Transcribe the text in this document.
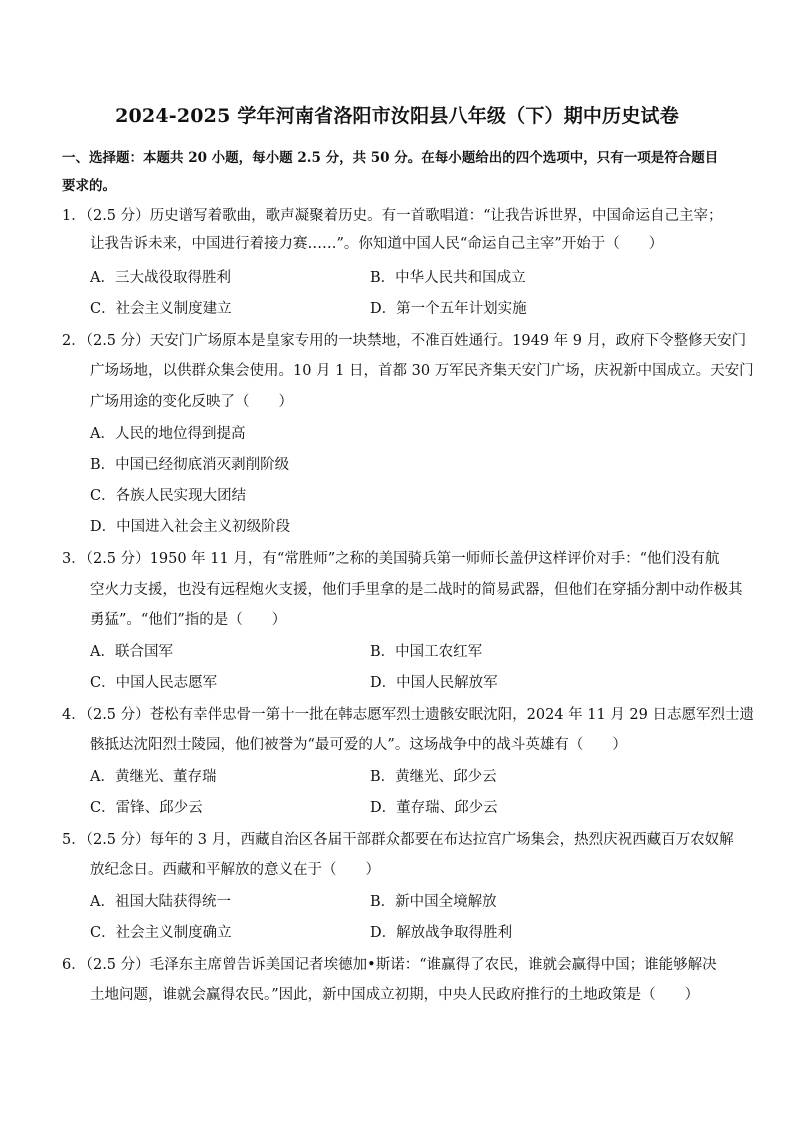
2024-2025 学年河南省洛阳市汝阳县八年级（下）期中历史试卷
一、选择题：本题共 20 小题，每小题 2.5 分，共 50 分。在每小题给出的四个选项中，只有一项是符合题目要求的。
1．（2.5 分）历史谱写着歌曲，歌声凝聚着历史。有一首歌唱道：“让我告诉世界，中国命运自己主宰；
让我告诉未来，中国进行着接力赛……”。你知道中国人民“命运自己主宰”开始于（　　）
A．三大战役取得胜利	B．中华人民共和国成立
C．社会主义制度建立	D．第一个五年计划实施
2．（2.5 分）天安门广场原本是皇家专用的一块禁地，不准百姓通行。1949 年 9 月，政府下令整修天安门
广场场地，以供群众集会使用。10 月 1 日，首都 30 万军民齐集天安门广场，庆祝新中国成立。天安门
广场用途的变化反映了（　　）
A．人民的地位得到提高
B．中国已经彻底消灭剥削阶级
C．各族人民实现大团结
D．中国进入社会主义初级阶段
3．（2.5 分）1950 年 11 月，有“常胜师”之称的美国骑兵第一师师长盖伊这样评价对手：“他们没有航
空火力支援，也没有远程炮火支援，他们手里拿的是二战时的简易武器，但他们在穿插分割中动作极其
勇猛”。“他们”指的是（　　）
A．联合国军	B．中国工农红军
C．中国人民志愿军	D．中国人民解放军
4．（2.5 分）苍松有幸伴忠骨一第十一批在韩志愿军烈士遗骸安眠沈阳，2024 年 11 月 29 日志愿军烈士遗
骸抵达沈阳烈士陵园，他们被誉为“最可爱的人”。这场战争中的战斗英雄有（　　）
A．黄继光、董存瑞	B．黄继光、邱少云
C．雷锋、邱少云	D．董存瑞、邱少云
5．（2.5 分）每年的 3 月，西藏自治区各届干部群众都要在布达拉宫广场集会，热烈庆祝西藏百万农奴解
放纪念日。西藏和平解放的意义在于（　　）
A．祖国大陆获得统一	B．新中国全境解放
C．社会主义制度确立	D．解放战争取得胜利
6．（2.5 分）毛泽东主席曾告诉美国记者埃德加•斯诺：“谁赢得了农民，谁就会赢得中国；谁能够解决
土地问题，谁就会赢得农民。”因此，新中国成立初期，中央人民政府推行的土地政策是（　　）
